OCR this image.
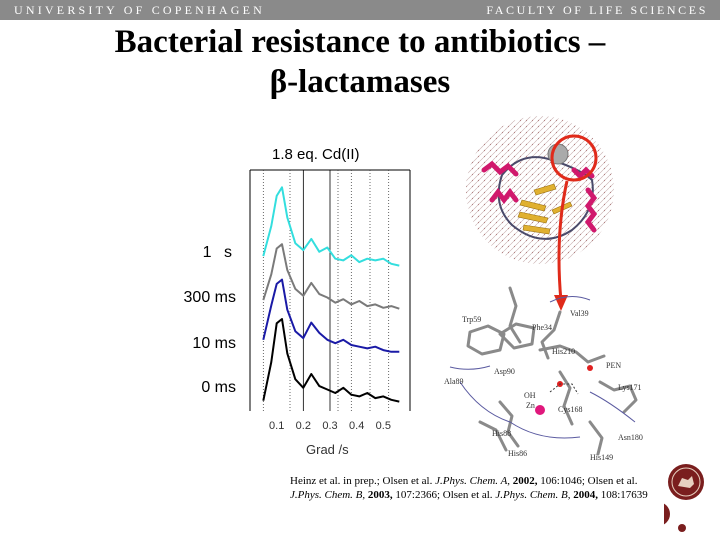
UNIVERSITY OF COPENHAGEN	FACULTY OF LIFE SCIENCES
Bacterial resistance to antibiotics –
β-lactamases
1.8 eq. Cd(II)
1 s
300 ms
10 ms
0 ms
0.1 0.2 0.3 0.4 0.5
Grad /s
Trp59
Phe34
Val39
His210
PEN
Asp90
Lys171
Ala89
OH
Zn	Cys168
His88
His86
Asn180
His149
Heinz et al. in prep.; Olsen et al. J.Phys. Chem. A, 2002, 106:1046; Olsen et al. J.Phys. Chem. B, 2003, 107:2366; Olsen et al. J.Phys. Chem. B, 2004, 108:17639
